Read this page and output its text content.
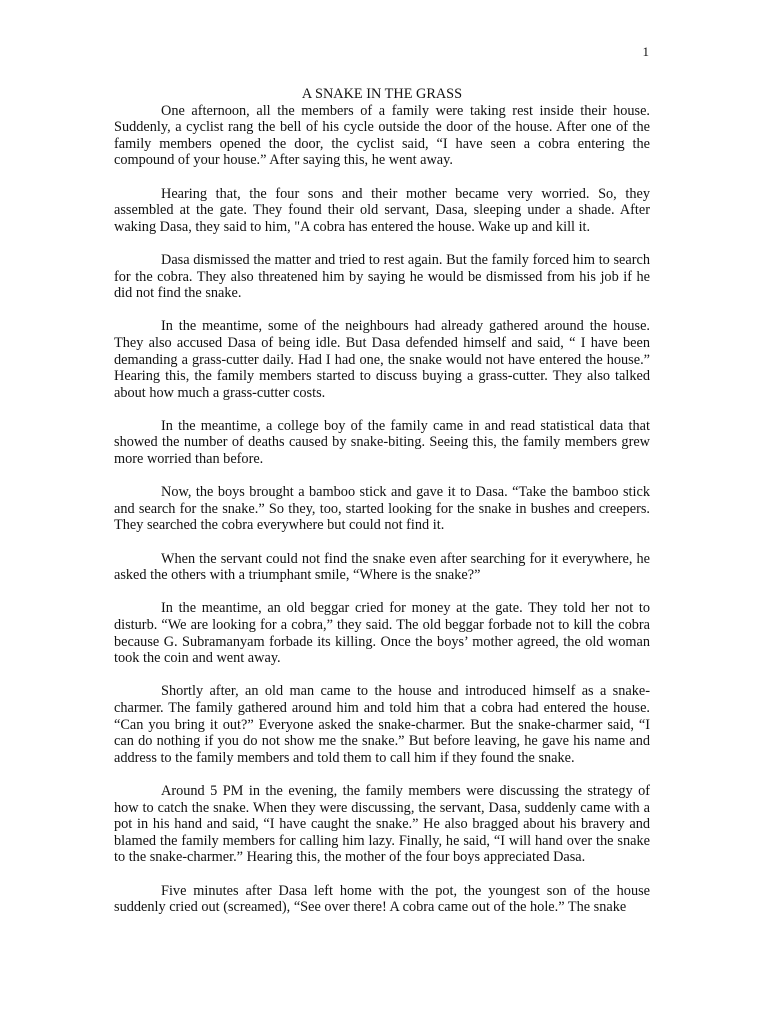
1
A SNAKE IN THE GRASS

One afternoon, all the members of a family were taking rest inside their house. Suddenly, a cyclist rang the bell of his cycle outside the door of the house. After one of the family members opened the door, the cyclist said, “I have seen a cobra entering the compound of your house.” After saying this, he went away.

Hearing that, the four sons and their mother became very worried. So, they assembled at the gate. They found their old servant, Dasa, sleeping under a shade. After waking Dasa, they said to him, "A cobra has entered the house. Wake up and kill it.

Dasa dismissed the matter and tried to rest again. But the family forced him to search for the cobra. They also threatened him by saying he would be dismissed from his job if he did not find the snake.

In the meantime, some of the neighbours had already gathered around the house. They also accused Dasa of being idle. But Dasa defended himself and said, “ I have been demanding a grass-cutter daily. Had I had one, the snake would not have entered the house.” Hearing this, the family members started to discuss buying a grass-cutter. They also talked about how much a grass-cutter costs.

In the meantime, a college boy of the family came in and read statistical data that showed the number of deaths caused by snake-biting. Seeing this, the family members grew more worried than before.

Now, the boys brought a bamboo stick and gave it to Dasa. “Take the bamboo stick and search for the snake.” So they, too, started looking for the snake in bushes and creepers. They searched the cobra everywhere but could not find it.

When the servant could not find the snake even after searching for it everywhere, he asked the others with a triumphant smile, “Where is the snake?”

In the meantime, an old beggar cried for money at the gate. They told her not to disturb. “We are looking for a cobra,” they said. The old beggar forbade not to kill the cobra because G. Subramanyam forbade its killing. Once the boys’ mother agreed, the old woman took the coin and went away.

Shortly after, an old man came to the house and introduced himself as a snake-charmer. The family gathered around him and told him that a cobra had entered the house. “Can you bring it out?” Everyone asked the snake-charmer. But the snake-charmer said, “I can do nothing if you do not show me the snake.” But before leaving, he gave his name and address to the family members and told them to call him if they found the snake.

Around 5 PM in the evening, the family members were discussing the strategy of how to catch the snake. When they were discussing, the servant, Dasa, suddenly came with a pot in his hand and said, “I have caught the snake.” He also bragged about his bravery and blamed the family members for calling him lazy. Finally, he said, “I will hand over the snake to the snake-charmer.” Hearing this, the mother of the four boys appreciated Dasa.

Five minutes after Dasa left home with the pot, the youngest son of the house suddenly cried out (screamed), “See over there! A cobra came out of the hole.” The snake
